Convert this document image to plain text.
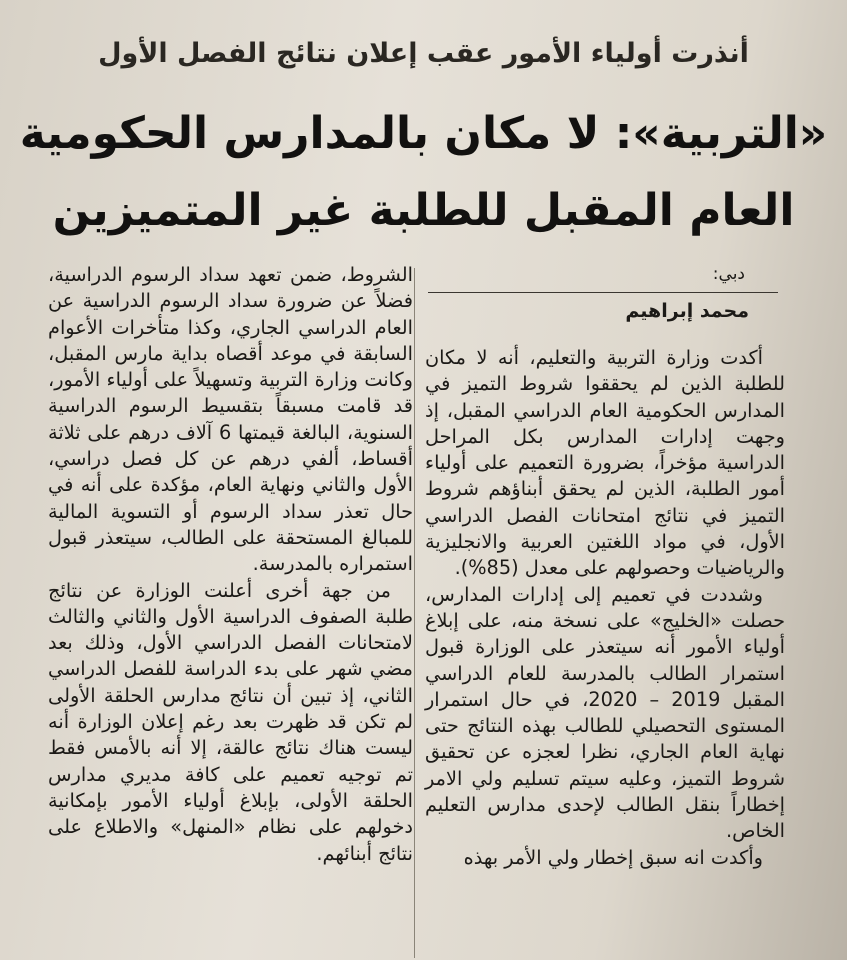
أنذرت أولياء الأمور عقب إعلان نتائج الفصل الأول
«التربية»: لا مكان بالمدارس الحكومية
العام المقبل للطلبة غير المتميزين
دبي:
محمد إبراهيم

أكدت وزارة التربية والتعليم، أنه لا مكان للطلبة الذين لم يحققوا شروط التميز في المدارس الحكومية العام الدراسي المقبل، إذ وجهت إدارات المدارس بكل المراحل الدراسية مؤخراً، بضرورة التعميم على أولياء أمور الطلبة، الذين لم يحقق أبناؤهم شروط التميز في نتائج امتحانات الفصل الدراسي الأول، في مواد اللغتين العربية والانجليزية والرياضيات وحصولهم على معدل (85%).

وشددت في تعميم إلى إدارات المدارس، حصلت «الخليج» على نسخة منه، على إبلاغ أولياء الأمور أنه سيتعذر على الوزارة قبول استمرار الطالب بالمدرسة للعام الدراسي المقبل 2019 – 2020، في حال استمرار المستوى التحصيلي للطالب بهذه النتائج حتى نهاية العام الجاري، نظرا لعجزه عن تحقيق شروط التميز، وعليه سيتم تسليم ولي الامر إخطاراً بنقل الطالب لإحدى مدارس التعليم الخاص.

وأكدت انه سبق إخطار ولي الأمر بهذه

الشروط، ضمن تعهد سداد الرسوم الدراسية، فضلاً عن ضرورة سداد الرسوم الدراسية عن العام الدراسي الجاري، وكذا متأخرات الأعوام السابقة في موعد أقصاه بداية مارس المقبل، وكانت وزارة التربية وتسهيلاً على أولياء الأمور، قد قامت مسبقاً بتقسيط الرسوم الدراسية السنوية، البالغة قيمتها 6 آلاف درهم على ثلاثة أقساط، ألفي درهم عن كل فصل دراسي، الأول والثاني ونهاية العام، مؤكدة على أنه في حال تعذر سداد الرسوم أو التسوية المالية للمبالغ المستحقة على الطالب، سيتعذر قبول استمراره بالمدرسة.

من جهة أخرى أعلنت الوزارة عن نتائج طلبة الصفوف الدراسية الأول والثاني والثالث لامتحانات الفصل الدراسي الأول، وذلك بعد مضي شهر على بدء الدراسة للفصل الدراسي الثاني، إذ تبين أن نتائج مدارس الحلقة الأولى لم تكن قد ظهرت بعد رغم إعلان الوزارة أنه ليست هناك نتائج عالقة، إلا أنه بالأمس فقط تم توجيه تعميم على كافة مديري مدارس الحلقة الأولى، بإبلاغ أولياء الأمور بإمكانية دخولهم على نظام «المنهل» والاطلاع على نتائج أبنائهم.
